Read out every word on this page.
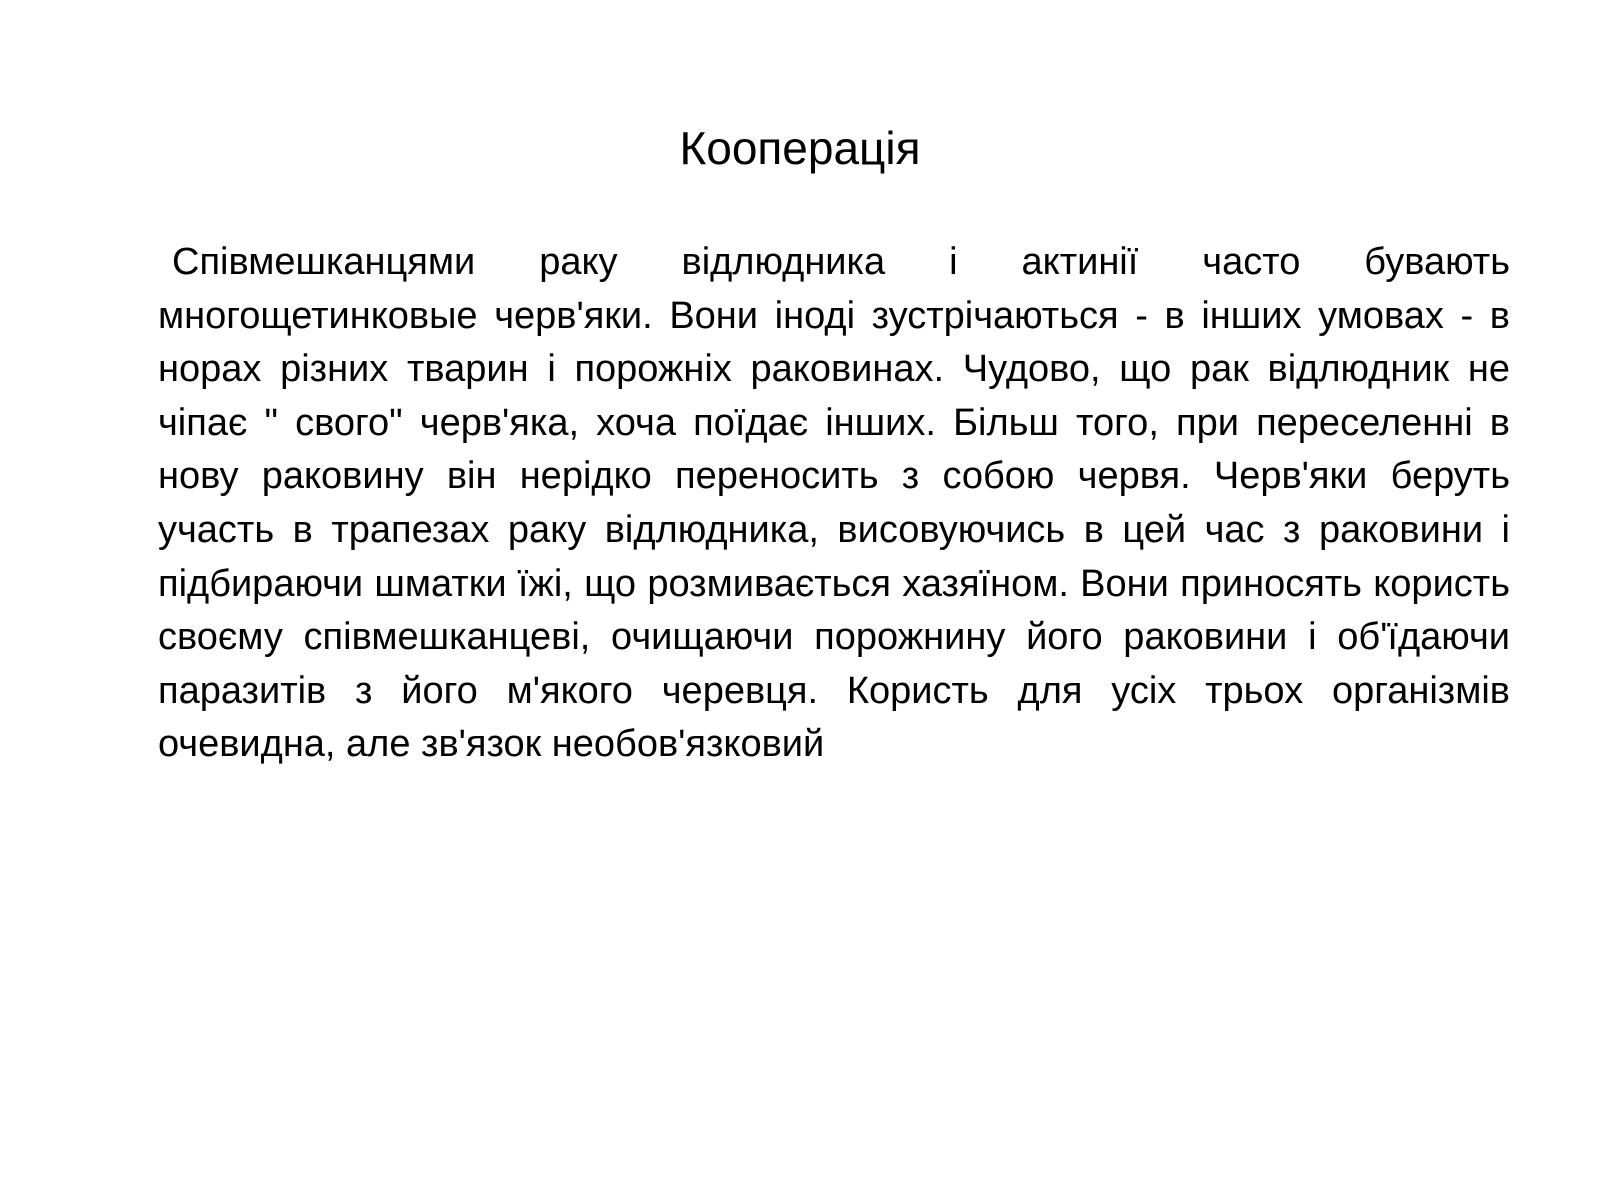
Кооперація

Співмешканцями раку відлюдника і актинії часто бувають многощетинковые черв'яки. Вони іноді зустрічаються - в інших умовах - в норах різних тварин і порожніх раковинах. Чудово, що рак відлюдник не чіпає " свого" черв'яка, хоча поїдає інших. Більш того, при переселенні в нову раковину він нерідко переносить з собою червя. Черв'яки беруть участь в трапезах раку відлюдника, висовуючись в цей час з раковини і підбираючи шматки їжі, що розмивається хазяїном. Вони приносять користь своєму співмешканцеві, очищаючи порожнину його раковини і об'їдаючи паразитів з його м'якого черевця. Користь для усіх трьох організмів очевидна, але зв'язок необов'язковий
